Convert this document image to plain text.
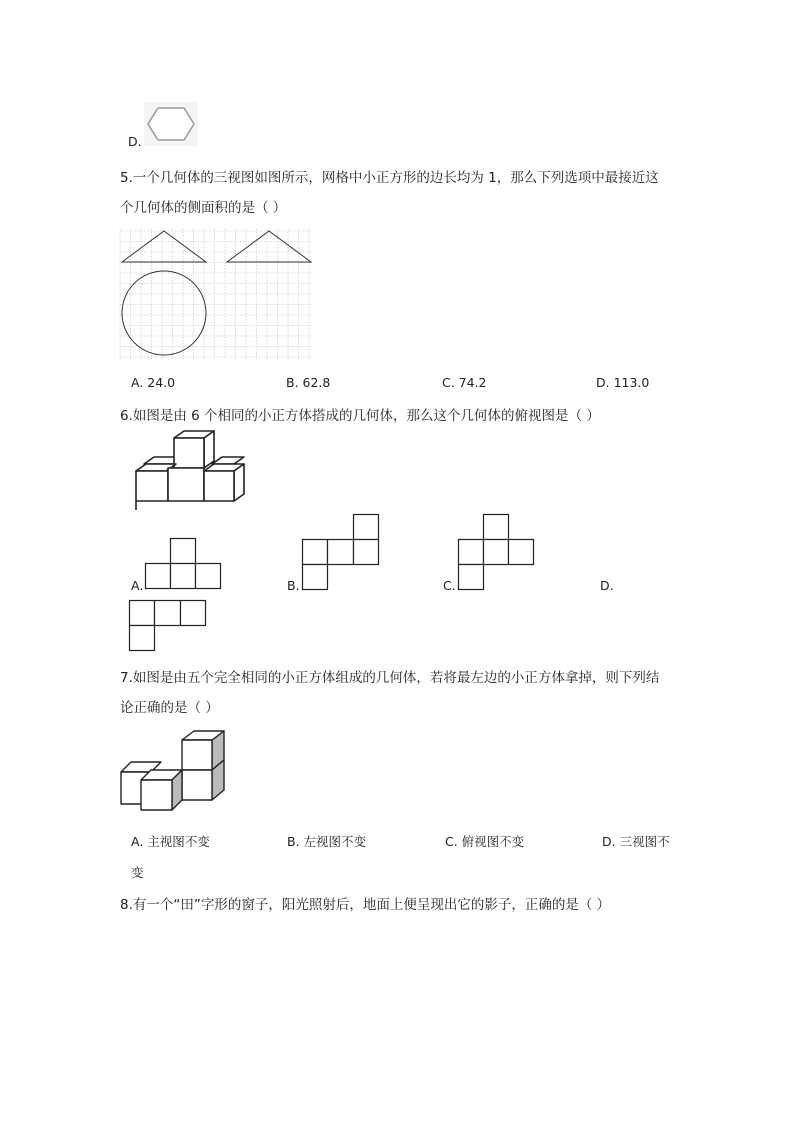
D.
5.一个几何体的三视图如图所示，网格中小正方形的边长均为 1，那么下列选项中最接近这
个几何体的侧面积的是（ ）
A. 24.0	B. 62.8	C. 74.2	D. 113.0
6.如图是由 6 个相同的小正方体搭成的几何体，那么这个几何体的俯视图是（ ）
A.	B.	C.	D.
7.如图是由五个完全相同的小正方体组成的几何体，若将最左边的小正方体拿掉，则下列结
论正确的是（ ）
A. 主视图不变	B. 左视图不变	C. 俯视图不变	D. 三视图不
变
8.有一个“田”字形的窗子，阳光照射后，地面上便呈现出它的影子，正确的是（ ）
